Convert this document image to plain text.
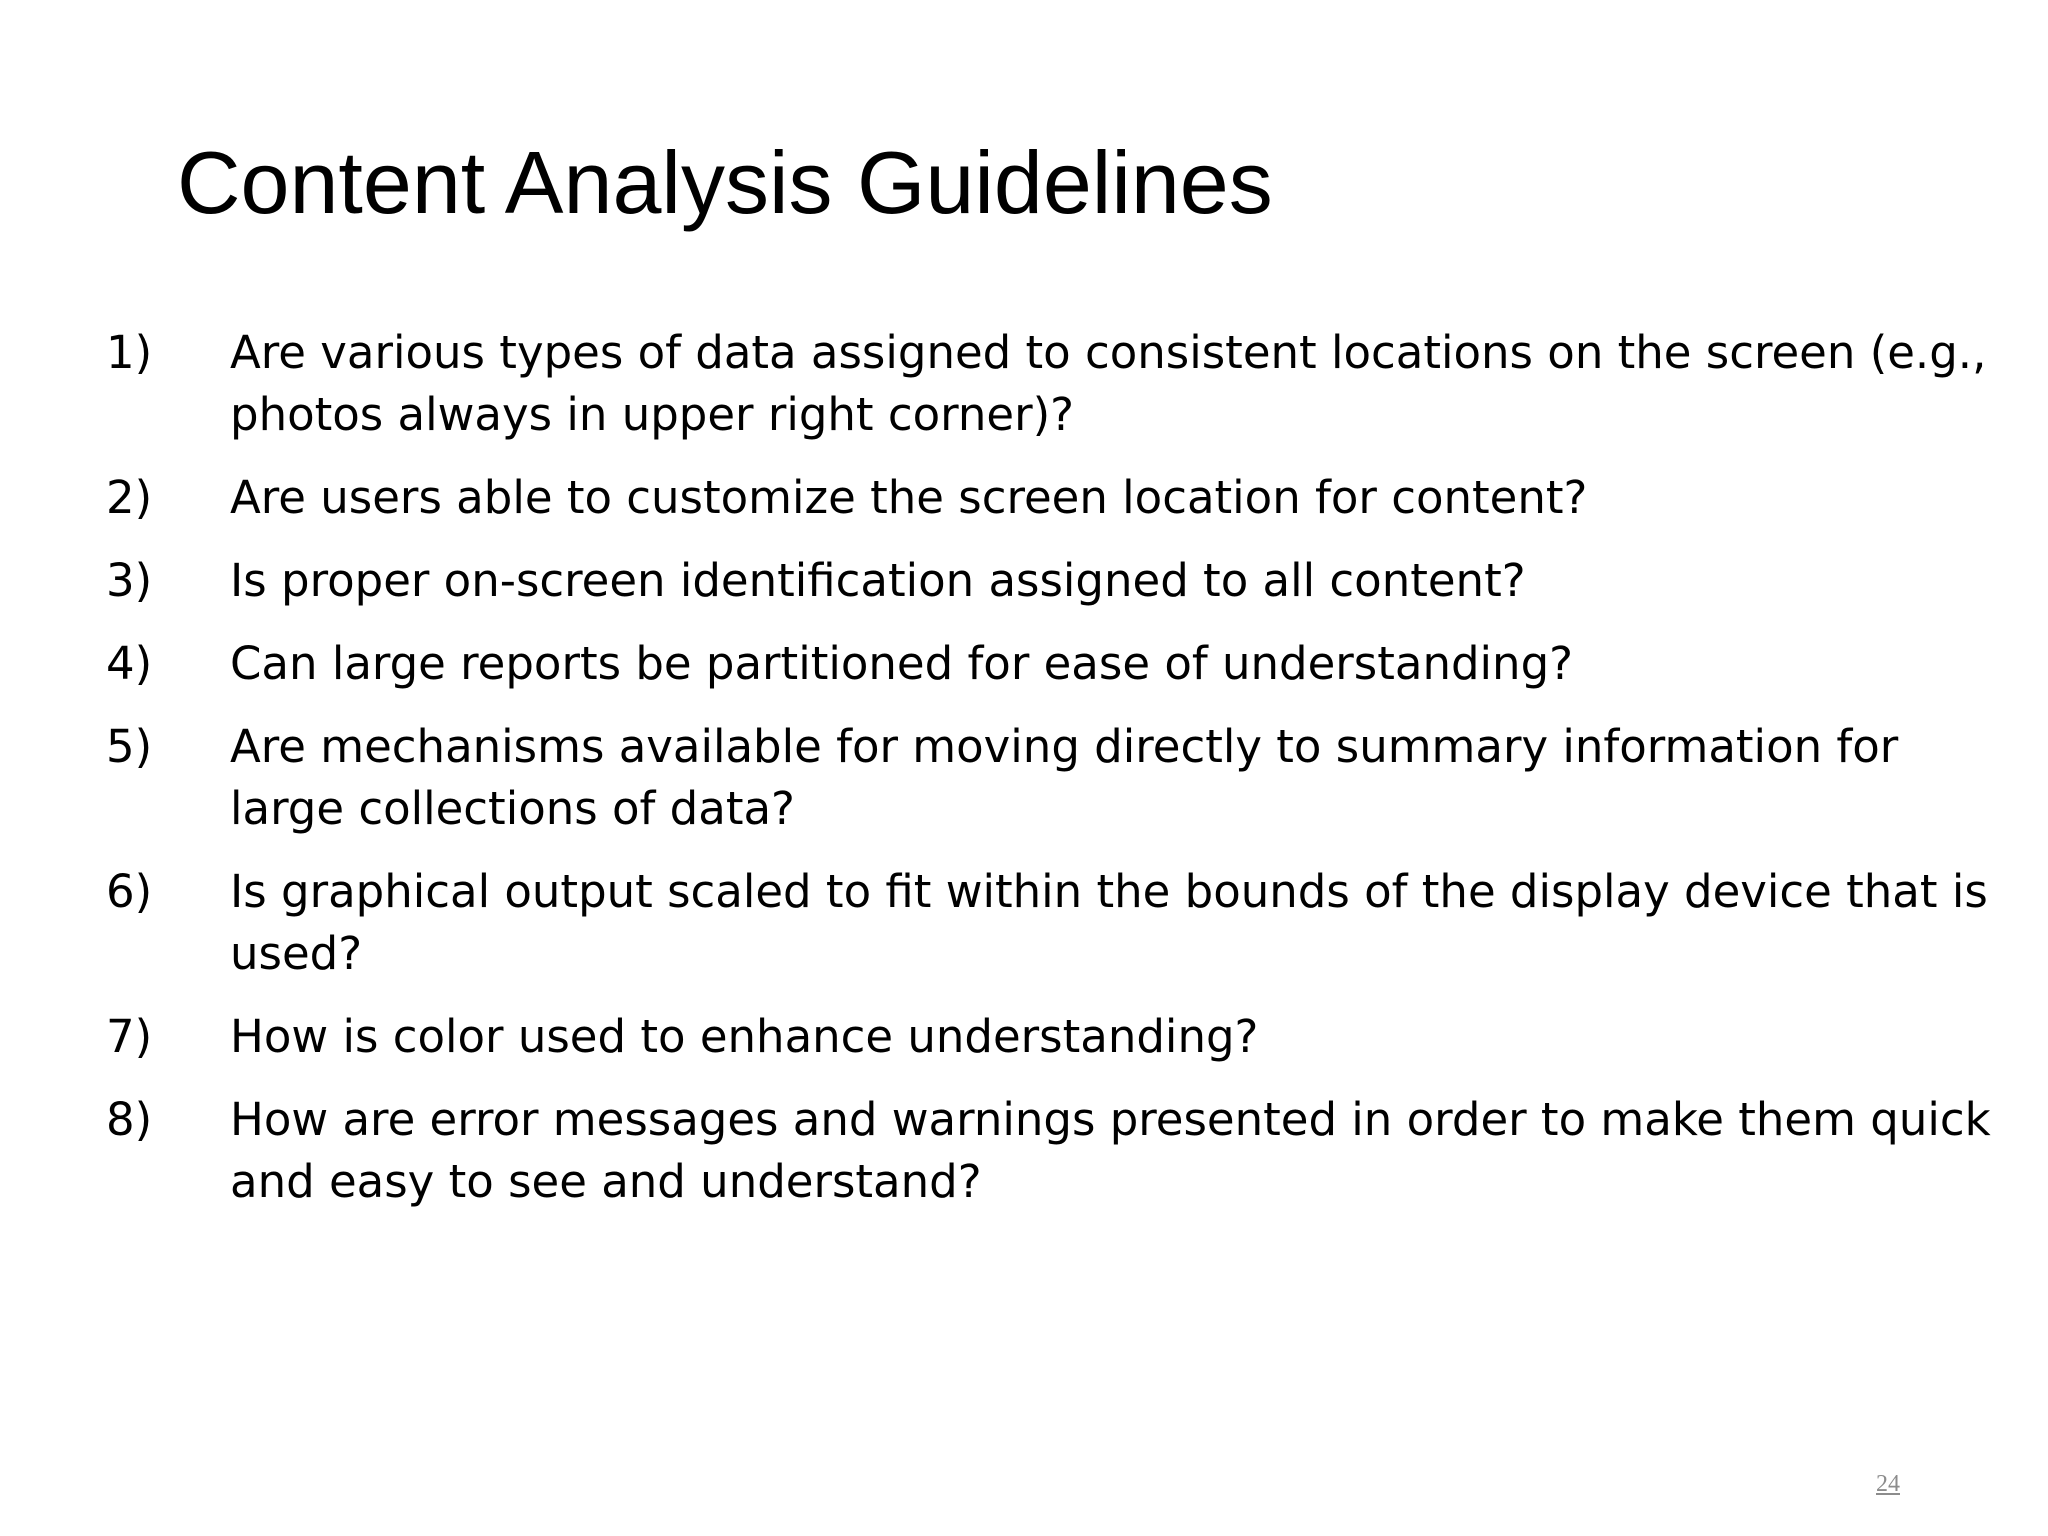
Content Analysis Guidelines
1) Are various types of data assigned to consistent locations on the screen (e.g., photos always in upper right corner)?
2) Are users able to customize the screen location for content?
3) Is proper on-screen identification assigned to all content?
4) Can large reports be partitioned for ease of understanding?
5) Are mechanisms available for moving directly to summary information for large collections of data?
6) Is graphical output scaled to fit within the bounds of the display device that is used?
7) How is color used to enhance understanding?
8) How are error messages and warnings presented in order to make them quick and easy to see and understand?
24
